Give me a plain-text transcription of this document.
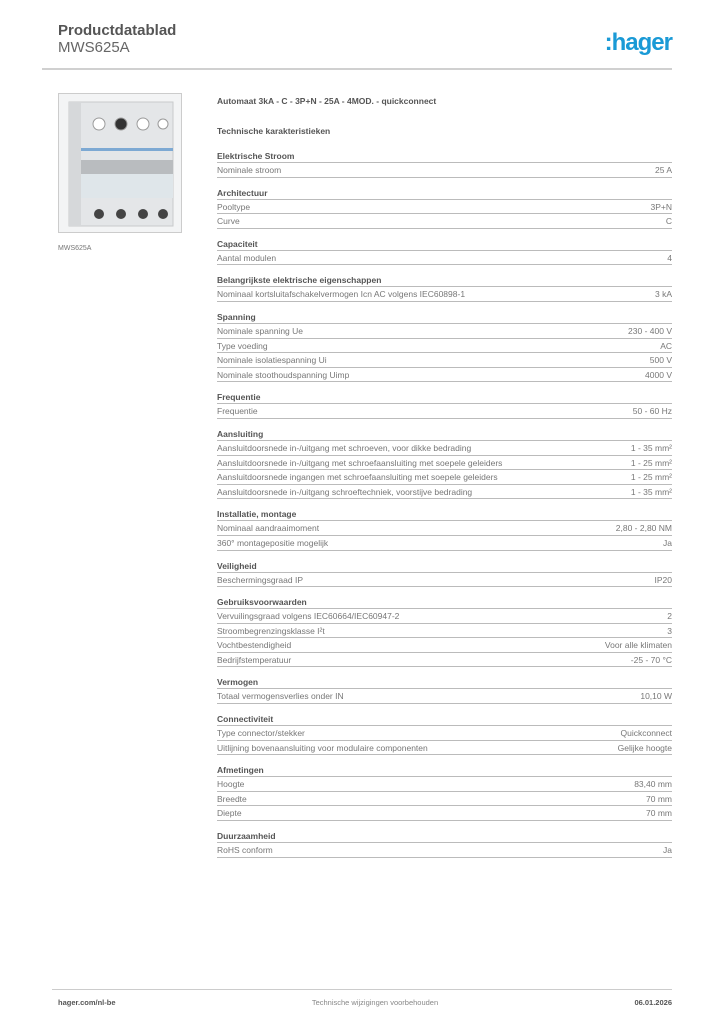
Productdatablad
MWS625A	:hager
MWS625A
Automaat 3kA - C - 3P+N - 25A - 4MOD. - quickconnect
Technische karakteristieken
Elektrische Stroom
Nominale stroom	25 A
Architectuur
Pooltype	3P+N
Curve	C
Capaciteit
Aantal modulen	4
Belangrijkste elektrische eigenschappen
Nominaal kortsluitafschakelvermogen Icn AC volgens IEC60898-1	3 kA
Spanning
Nominale spanning Ue	230 - 400 V
Type voeding	AC
Nominale isolatiespanning Ui	500 V
Nominale stoothoudspanning Uimp	4000 V
Frequentie
Frequentie	50 - 60 Hz
Aansluiting
Aansluitdoorsnede in-/uitgang met schroeven, voor dikke bedrading	1 - 35 mm²
Aansluitdoorsnede in-/uitgang met schroefaansluiting met soepele geleiders	1 - 25 mm²
Aansluitdoorsnede ingangen met schroefaansluiting met soepele geleiders	1 - 25 mm²
Aansluitdoorsnede in-/uitgang schroeftechniek, voorstijve bedrading	1 - 35 mm²
Installatie, montage
Nominaal aandraaimoment	2,80 - 2,80 NM
360° montagepositie mogelijk	Ja
Veiligheid
Beschermingsgraad IP	IP20
Gebruiksvoorwaarden
Vervuilingsgraad volgens IEC60664/IEC60947-2	2
Stroombegrenzingsklasse I²t	3
Vochtbestendigheid	Voor alle klimaten
Bedrijfstemperatuur	-25 - 70 °C
Vermogen
Totaal vermogensverlies onder IN	10,10 W
Connectiviteit
Type connector/stekker	Quickconnect
Uitlijning bovenaansluiting voor modulaire componenten	Gelijke hoogte
Afmetingen
Hoogte	83,40 mm
Breedte	70 mm
Diepte	70 mm
Duurzaamheid
RoHS conform	Ja
hager.com/nl-be	Technische wijzigingen voorbehouden	06.01.2026
